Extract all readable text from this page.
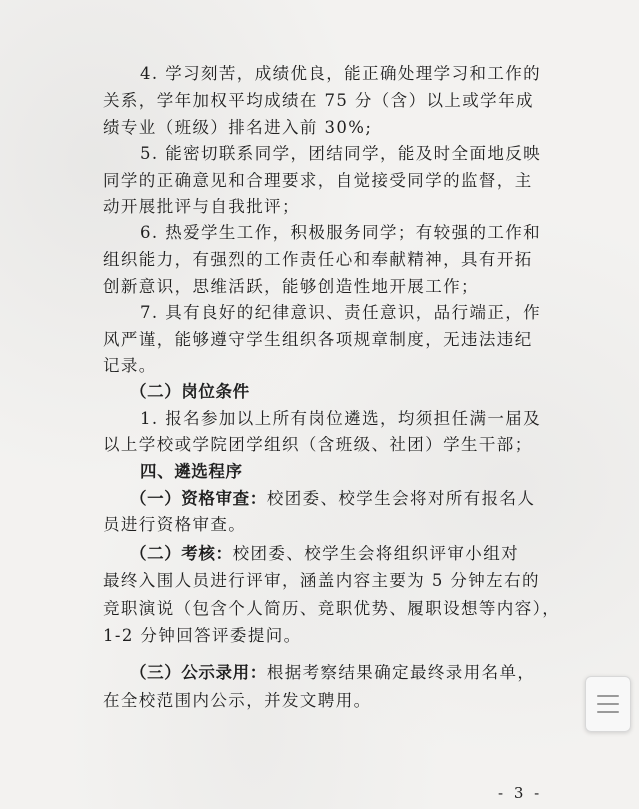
4. 学习刻苦，成绩优良，能正确处理学习和工作的
关系，学年加权平均成绩在 75 分（含）以上或学年成
绩专业（班级）排名进入前 30%;
5. 能密切联系同学，团结同学，能及时全面地反映
同学的正确意见和合理要求，自觉接受同学的监督，主
动开展批评与自我批评；
6. 热爱学生工作，积极服务同学；有较强的工作和
组织能力，有强烈的工作责任心和奉献精神，具有开拓
创新意识，思维活跃，能够创造性地开展工作；
7. 具有良好的纪律意识、责任意识，品行端正，作
风严谨，能够遵守学生组织各项规章制度，无违法违纪
记录。
（二）岗位条件
1. 报名参加以上所有岗位遴选，均须担任满一届及
以上学校或学院团学组织（含班级、社团）学生干部；
四、遴选程序
（一）资格审查：校团委、校学生会将对所有报名人
员进行资格审查。
（二）考核：校团委、校学生会将组织评审小组对
最终入围人员进行评审，涵盖内容主要为 5 分钟左右的
竞职演说（包含个人简历、竞职优势、履职设想等内容），
1-2 分钟回答评委提问。
（三）公示录用：根据考察结果确定最终录用名单，
在全校范围内公示，并发文聘用。
- 3 -
